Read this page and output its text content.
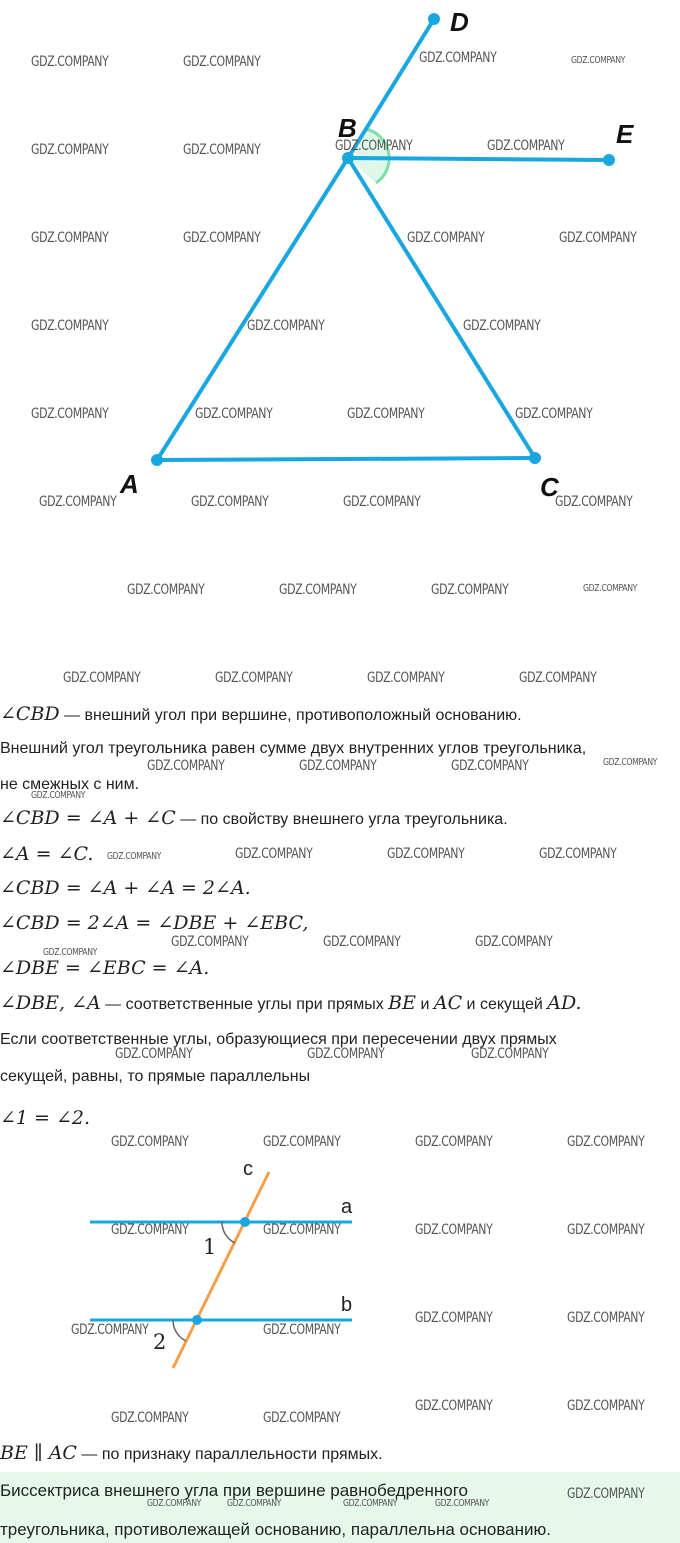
A
B
C
D
E
a
b
c
1
2
∠CBD — внешний угол при вершине, противоположный основанию.
Внешний угол треугольника равен сумме двух внутренних углов треугольника,
не смежных с ним.
∠CBD = ∠A + ∠C — по свойству внешнего угла треугольника.
∠A = ∠C.
∠CBD = ∠A + ∠A = 2∠A.
∠CBD = 2∠A = ∠DBE + ∠EBC,
∠DBE = ∠EBC = ∠A.
∠DBE, ∠A — соответственные углы при прямых BE и AC и секущей AD.
Если соответственные углы, образующиеся при пересечении двух прямых
секущей, равны, то прямые параллельны
∠1 = ∠2.
BE ∥ AC — по признаку параллельности прямых.
Биссектриса внешнего угла при вершине равнобедренного
треугольника, противолежащей основанию, параллельна основанию.
GDZ.COMPANY	GDZ.COMPANY	GDZ.COMPANY	GDZ.COMPANY
GDZ.COMPANY	GDZ.COMPANY	GDZ.COMPANY	GDZ.COMPANY
GDZ.COMPANY	GDZ.COMPANY	GDZ.COMPANY	GDZ.COMPANY
GDZ.COMPANY	GDZ.COMPANY	GDZ.COMPANY
GDZ.COMPANY	GDZ.COMPANY	GDZ.COMPANY	GDZ.COMPANY
GDZ.COMPANY	GDZ.COMPANY	GDZ.COMPANY	GDZ.COMPANY
GDZ.COMPANY	GDZ.COMPANY	GDZ.COMPANY	GDZ.COMPANY
GDZ.COMPANY	GDZ.COMPANY	GDZ.COMPANY	GDZ.COMPANY
GDZ.COMPANY	GDZ.COMPANY	GDZ.COMPANY	GDZ.COMPANY
GDZ.COMPANY
GDZ.COMPANY	GDZ.COMPANY	GDZ.COMPANY	GDZ.COMPANY
GDZ.COMPANY	GDZ.COMPANY	GDZ.COMPANY
GDZ.COMPANY
GDZ.COMPANY	GDZ.COMPANY	GDZ.COMPANY
GDZ.COMPANY	GDZ.COMPANY	GDZ.COMPANY	GDZ.COMPANY
GDZ.COMPANY	GDZ.COMPANY	GDZ.COMPANY	GDZ.COMPANY
GDZ.COMPANY	GDZ.COMPANY
GDZ.COMPANY	GDZ.COMPANY
GDZ.COMPANY	GDZ.COMPANY
GDZ.COMPANY	GDZ.COMPANY
GDZ.COMPANY
GDZ.COMPANY	GDZ.COMPANY	GDZ.COMPANY	GDZ.COMPANY
